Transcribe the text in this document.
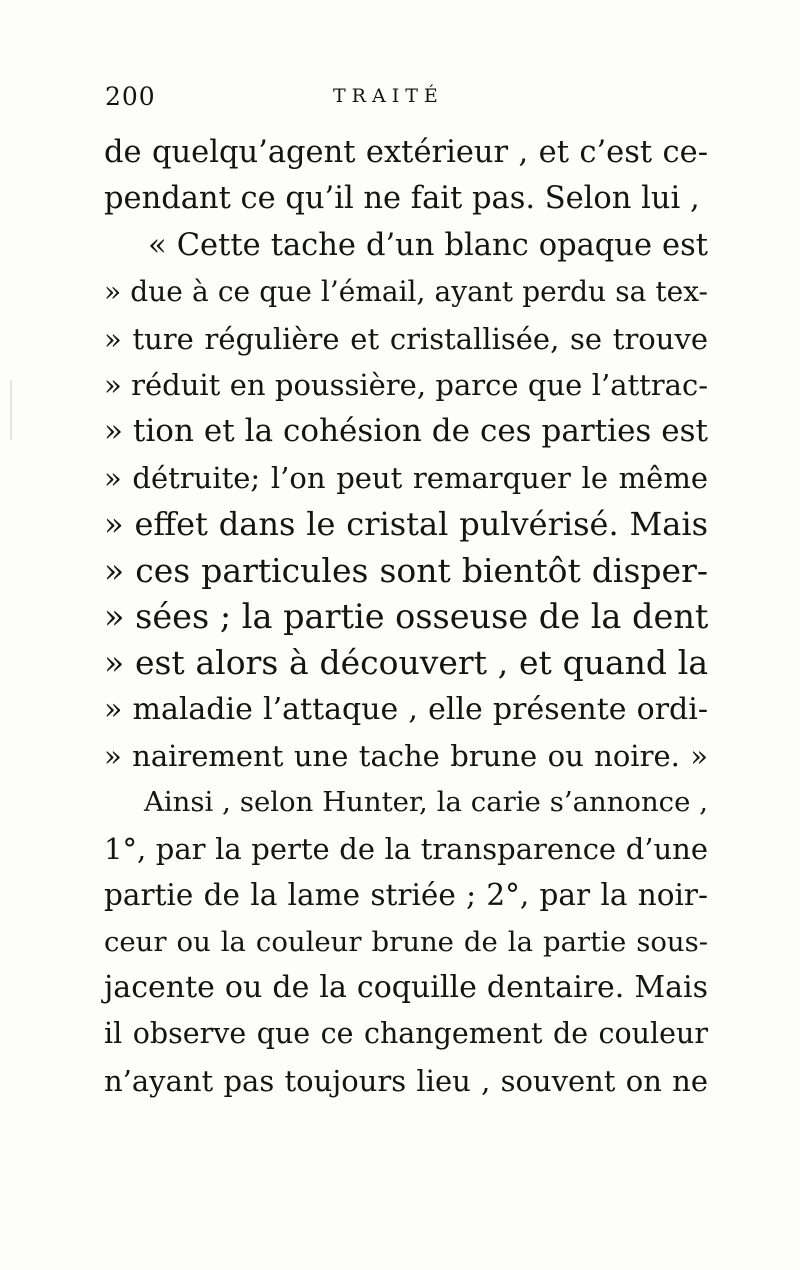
200	TRAITÉ
de quelqu’agent extérieur , et c’est ce-
pendant ce qu’il ne fait pas. Selon lui ,
« Cette tache d’un blanc opaque est
» due à ce que l’émail, ayant perdu sa tex-
» ture régulière et cristallisée, se trouve
» réduit en poussière, parce que l’attrac-
» tion et la cohésion de ces parties est
» détruite; l’on peut remarquer le même
» effet dans le cristal pulvérisé. Mais
» ces particules sont bientôt disper-
» sées ; la partie osseuse de la dent
» est alors à découvert , et quand la
» maladie l’attaque , elle présente ordi-
» nairement une tache brune ou noire. »
Ainsi , selon Hunter, la carie s’annonce ,
1°, par la perte de la transparence d’une
partie de la lame striée ; 2°, par la noir-
ceur ou la couleur brune de la partie sous-
jacente ou de la coquille dentaire. Mais
il observe que ce changement de couleur
n’ayant pas toujours lieu , souvent on ne
